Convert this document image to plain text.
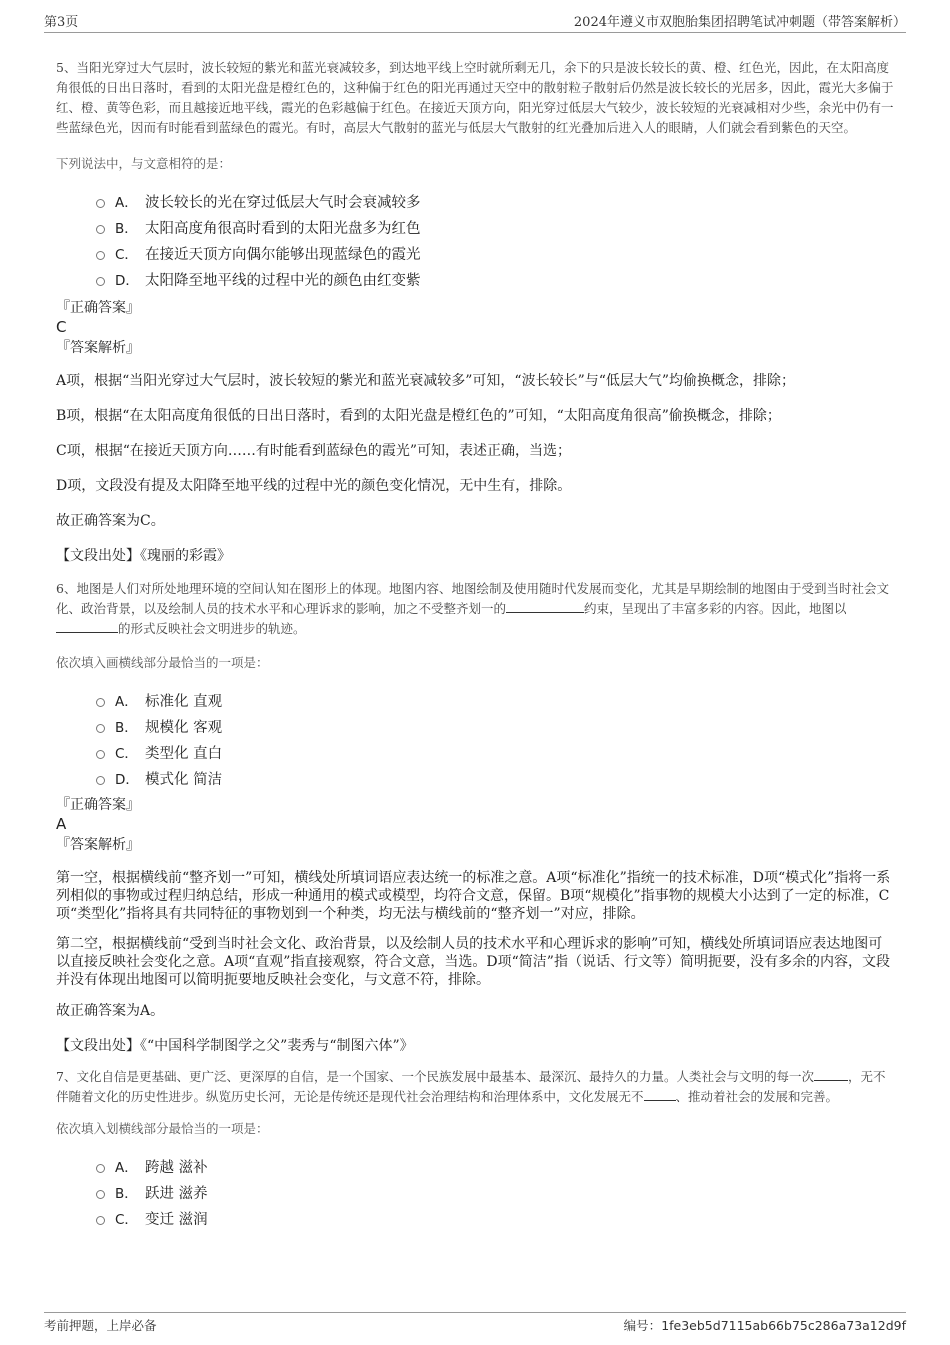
第3页	2024年遵义市双胞胎集团招聘笔试冲刺题（带答案解析）

5、当阳光穿过大气层时，波长较短的紫光和蓝光衰减较多，到达地平线上空时就所剩无几，余下的只是波长较长的黄、橙、红色光，因此，在太阳高度角很低的日出日落时，看到的太阳光盘是橙红色的，这种偏于红色的阳光再通过天空中的散射粒子散射后仍然是波长较长的光居多，因此，霞光大多偏于红、橙、黄等色彩，而且越接近地平线，霞光的色彩越偏于红色。在接近天顶方向，阳光穿过低层大气较少，波长较短的光衰减相对少些，余光中仍有一些蓝绿色光，因而有时能看到蓝绿色的霞光。有时，高层大气散射的蓝光与低层大气散射的红光叠加后进入人的眼睛，人们就会看到紫色的天空。

下列说法中，与文意相符的是：
A． 波长较长的光在穿过低层大气时会衰减较多
B． 太阳高度角很高时看到的太阳光盘多为红色
C． 在接近天顶方向偶尔能够出现蓝绿色的霞光
D． 太阳降至地平线的过程中光的颜色由红变紫
『正确答案』
C
『答案解析』

A项，根据“当阳光穿过大气层时，波长较短的紫光和蓝光衰减较多”可知，“波长较长”与“低层大气”均偷换概念，排除；

B项，根据“在太阳高度角很低的日出日落时，看到的太阳光盘是橙红色的”可知，“太阳高度角很高”偷换概念，排除；

C项，根据“在接近天顶方向……有时能看到蓝绿色的霞光”可知，表述正确，当选；

D项，文段没有提及太阳降至地平线的过程中光的颜色变化情况，无中生有，排除。

故正确答案为C。

【文段出处】《瑰丽的彩霞》

6、地图是人们对所处地理环境的空间认知在图形上的体现。地图内容、地图绘制及使用随时代发展而变化，尤其是早期绘制的地图由于受到当时社会文化、政治背景，以及绘制人员的技术水平和心理诉求的影响，加之不受整齐划一的	约束，呈现出了丰富多彩的内容。因此，地图以的形式反映社会文明进步的轨迹。

依次填入画横线部分最恰当的一项是：
A． 标准化 直观
B． 规模化 客观
C． 类型化 直白
D． 模式化 简洁
『正确答案』
A
『答案解析』

第一空，根据横线前“整齐划一”可知，横线处所填词语应表达统一的标准之意。A项“标准化”指统一的技术标准，D项“模式化”指将一系列相似的事物或过程归纳总结，形成一种通用的模式或模型，均符合文意，保留。B项“规模化”指事物的规模大小达到了一定的标准，C项“类型化”指将具有共同特征的事物划到一个种类，均无法与横线前的“整齐划一”对应，排除。

第二空，根据横线前“受到当时社会文化、政治背景，以及绘制人员的技术水平和心理诉求的影响”可知，横线处所填词语应表达地图可以直接反映社会变化之意。A项“直观”指直接观察，符合文意，当选。D项“简洁”指（说话、行文等）简明扼要，没有多余的内容，文段并没有体现出地图可以简明扼要地反映社会变化，与文意不符，排除。

故正确答案为A。

【文段出处】《“中国科学制图学之父”裴秀与“制图六体”》

7、文化自信是更基础、更广泛、更深厚的自信，是一个国家、一个民族发展中最基本、最深沉、最持久的力量。人类社会与文明的每一次	，无不伴随着文化的历史性进步。纵览历史长河，无论是传统还是现代社会治理结构和治理体系中，文化发展无不	、推动着社会的发展和完善。

依次填入划横线部分最恰当的一项是：
A． 跨越 滋补
B． 跃进 滋养
C． 变迁 滋润
考前押题，上岸必备	编号：1fe3eb5d7115ab66b75c286a73a12d9f
